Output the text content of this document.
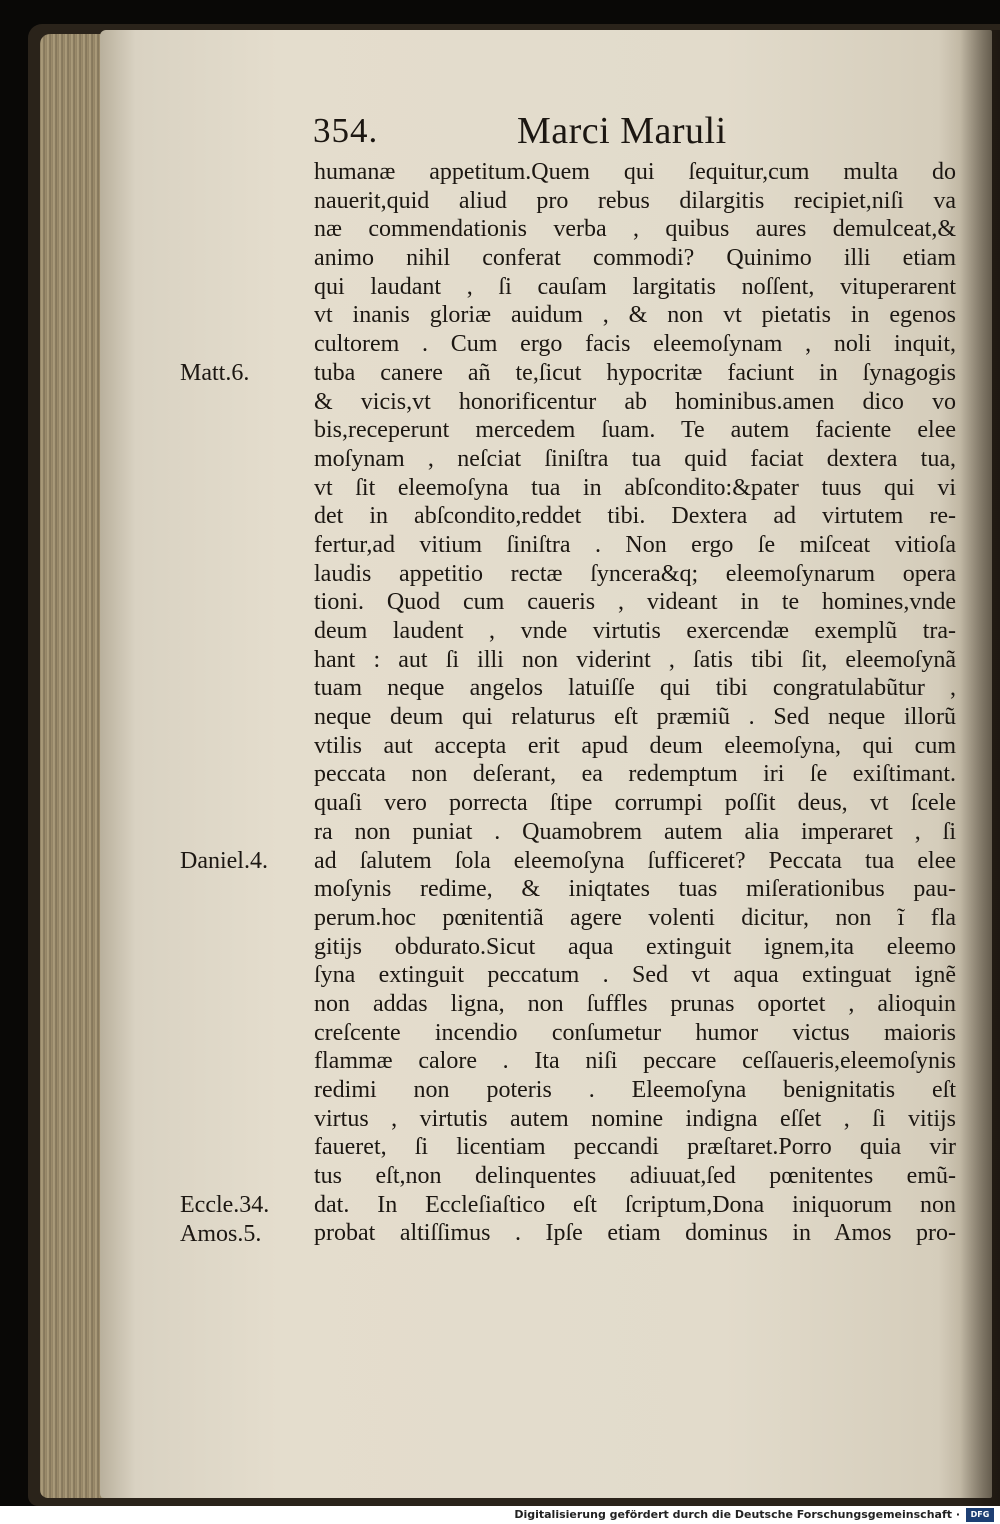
354.	Marci Maruli
humanæ appetitum.Quem qui ſequitur,cum multa do
nauerit,quid aliud pro rebus dilargitis recipiet,niſi va
næ commendationis verba , quibus aures demulceat,&
animo nihil conferat commodi? Quinimo illi etiam
qui laudant , ſi cauſam largitatis noſſent, vituperarent
vt inanis gloriæ auidum , & non vt pietatis in egenos
cultorem . Cum ergo facis eleemoſynam , noli inquit,
tuba canere añ te,ſicut hypocritæ faciunt in ſynagogis
& vicis,vt honorificentur ab hominibus.amen dico vo
bis,receperunt mercedem ſuam. Te autem faciente elee
moſynam , neſciat ſiniſtra tua quid faciat dextera tua,
vt ſit eleemoſyna tua in abſcondito:&pater tuus qui vi
det in abſcondito,reddet tibi. Dextera ad virtutem re-
fertur,ad vitium ſiniſtra . Non ergo ſe miſceat vitioſa
laudis appetitio rectæ ſyncera&q; eleemoſynarum opera
tioni. Quod cum caueris , videant in te homines,vnde
deum laudent , vnde virtutis exercendæ exemplũ tra-
hant : aut ſi illi non viderint , ſatis tibi ſit, eleemoſynã
tuam neque angelos latuiſſe qui tibi congratulabũtur ,
neque deum qui relaturus eſt præmiũ . Sed neque illorũ
vtilis aut accepta erit apud deum eleemoſyna, qui cum
peccata non deſerant, ea redemptum iri ſe exiſtimant.
quaſi vero porrecta ſtipe corrumpi poſſit deus, vt ſcele
ra non puniat . Quamobrem autem alia imperaret , ſi
ad ſalutem ſola eleemoſyna ſufficeret? Peccata tua elee
moſynis redime, & iniqtates tuas miſerationibus pau-
perum.hoc pœnitentiã agere volenti dicitur, non ĩ fla
gitijs obdurato.Sicut aqua extinguit ignem,ita eleemo
ſyna extinguit peccatum . Sed vt aqua extinguat ignẽ
non addas ligna, non ſuffles prunas oportet , alioquin
creſcente incendio conſumetur humor victus maioris
flammæ calore . Ita niſi peccare ceſſaueris,eleemoſynis
redimi non poteris . Eleemoſyna benignitatis eſt
virtus , virtutis autem nomine indigna eſſet , ſi vitijs
faueret, ſi licentiam peccandi præſtaret.Porro quia vir
tus eſt,non delinquentes adiuuat,ſed pœnitentes emũ-
dat. In Eccleſiaſtico eſt ſcriptum,Dona iniquorum non
probat altiſſimus . Ipſe etiam dominus in Amos pro-
Matt.6.
Daniel.4.
Eccle.34.
Amos.5.
Digitalisierung gefördert durch die Deutsche Forschungsgemeinschaft ·	DFG
